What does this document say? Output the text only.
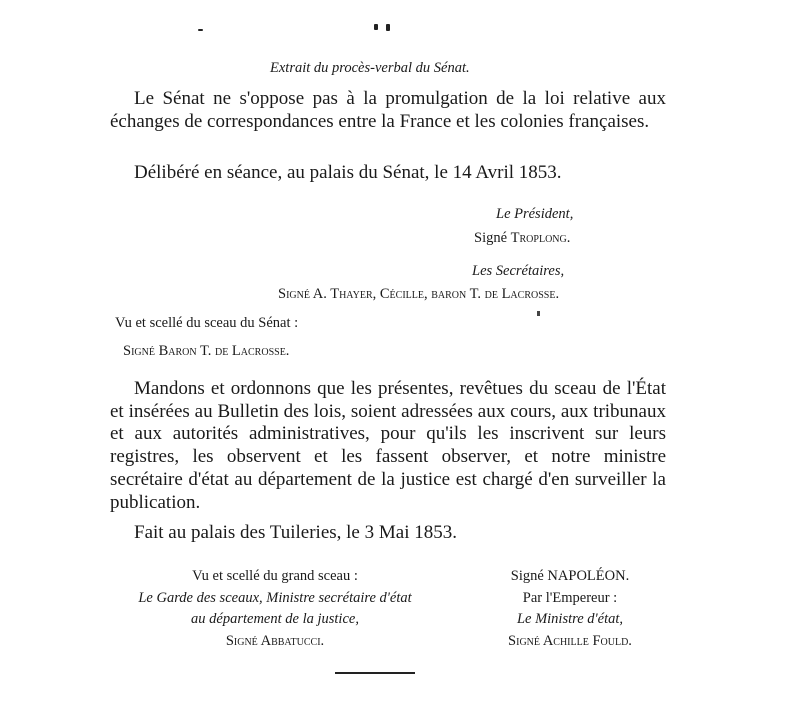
Extrait du procès-verbal du Sénat.

Le Sénat ne s'oppose pas à la promulgation de la loi relative aux échanges de correspondances entre la France et les colonies françaises.

Délibéré en séance, au palais du Sénat, le 14 Avril 1853.

Le Président,
Signé Troplong.
Les Secrétaires,
Signé A. Thayer, Cécille, baron T. de Lacrosse.
Vu et scellé du sceau du Sénat :
Signé Baron T. de Lacrosse.

Mandons et ordonnons que les présentes, revêtues du sceau de l'État et insérées au Bulletin des lois, soient adressées aux cours, aux tribunaux et aux autorités administratives, pour qu'ils les inscrivent sur leurs registres, les observent et les fassent observer, et notre ministre secrétaire d'état au département de la justice est chargé d'en surveiller la publication.

Fait au palais des Tuileries, le 3 Mai 1853.

Vu et scellé du grand sceau :
Le Garde des sceaux, Ministre secrétaire d'état
au département de la justice,
Signé Abbatucci.
Signé NAPOLÉON.
Par l'Empereur :
Le Ministre d'état,
Signé Achille Fould.
